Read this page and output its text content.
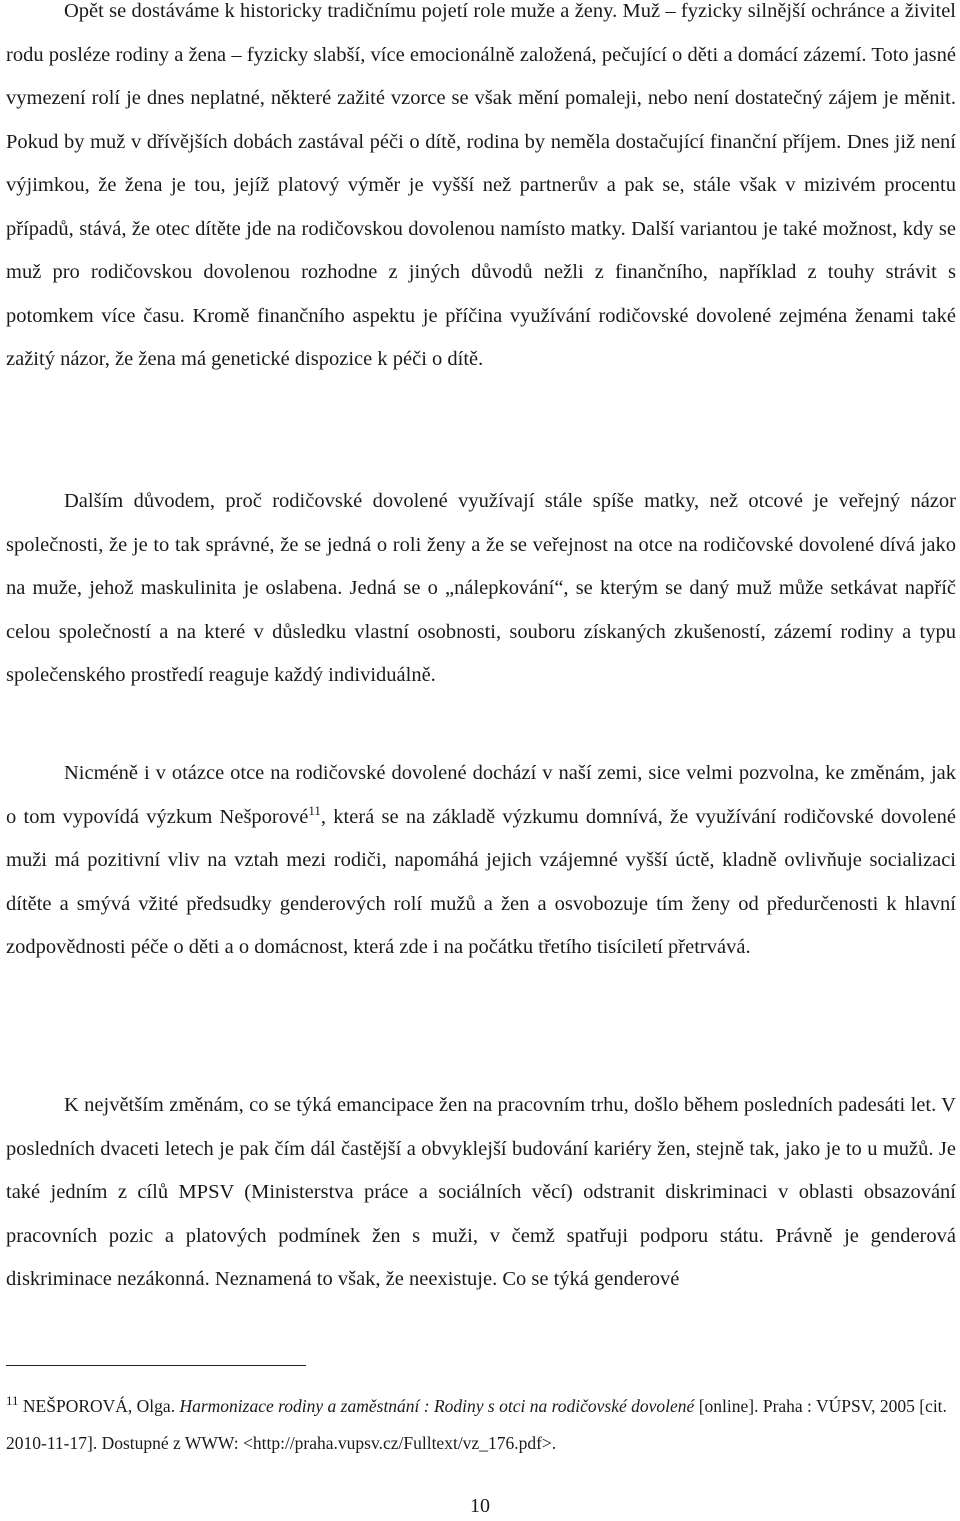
Opět se dostáváme k historicky tradičnímu pojetí role muže a ženy. Muž – fyzicky silnější ochránce a živitel rodu posléze rodiny a žena – fyzicky slabší, více emocionálně založená, pečující o děti a domácí zázemí. Toto jasné vymezení rolí je dnes neplatné, některé zažité vzorce se však mění pomaleji, nebo není dostatečný zájem je měnit. Pokud by muž v dřívějších dobách zastával péči o dítě, rodina by neměla dostačující finanční příjem. Dnes již není výjimkou, že žena je tou, jejíž platový výměr je vyšší než partnerův a pak se, stále však v mizivém procentu případů, stává, že otec dítěte jde na rodičovskou dovolenou namísto matky. Další variantou je také možnost, kdy se muž pro rodičovskou dovolenou rozhodne z jiných důvodů nežli z finančního, například z touhy strávit s potomkem více času. Kromě finančního aspektu je příčina využívání rodičovské dovolené zejména ženami také zažitý názor, že žena má genetické dispozice k péči o dítě.

Dalším důvodem, proč rodičovské dovolené využívají stále spíše matky, než otcové je veřejný názor společnosti, že je to tak správné, že se jedná o roli ženy a že se veřejnost na otce na rodičovské dovolené dívá jako na muže, jehož maskulinita je oslabena. Jedná se o „nálepkování“, se kterým se daný muž může setkávat napříč celou společností a na které v důsledku vlastní osobnosti, souboru získaných zkušeností, zázemí rodiny a typu společenského prostředí reaguje každý individuálně.

Nicméně i v otázce otce na rodičovské dovolené dochází v naší zemi, sice velmi pozvolna, ke změnám, jak o tom vypovídá výzkum Nešporové$^{11}$, která se na základě výzkumu domnívá, že využívání rodičovské dovolené muži má pozitivní vliv na vztah mezi rodiči, napomáhá jejich vzájemné vyšší úctě, kladně ovlivňuje socializaci dítěte a smývá vžité předsudky genderových rolí mužů a žen a osvobozuje tím ženy od předurčenosti k hlavní zodpovědnosti péče o děti a o domácnost, která zde i na počátku třetího tisíciletí přetrvává.

K největším změnám, co se týká emancipace žen na pracovním trhu, došlo během posledních padesáti let. V posledních dvaceti letech je pak čím dál častější a obvyklejší budování kariéry žen, stejně tak, jako je to u mužů. Je také jedním z cílů MPSV (Ministerstva práce a sociálních věcí) odstranit diskriminaci v oblasti obsazování pracovních pozic a platových podmínek žen s muži, v čemž spatřuji podporu státu. Právně je genderová diskriminace nezákonná. Neznamená to však, že neexistuje. Co se týká genderové

$^{11}$ NEŠPOROVÁ, Olga. Harmonizace rodiny a zaměstnání : Rodiny s otci na rodičovské dovolené [online]. Praha : VÚPSV, 2005 [cit. 2010-11-17]. Dostupné z WWW: <http://praha.vupsv.cz/Fulltext/vz_176.pdf>.

10
